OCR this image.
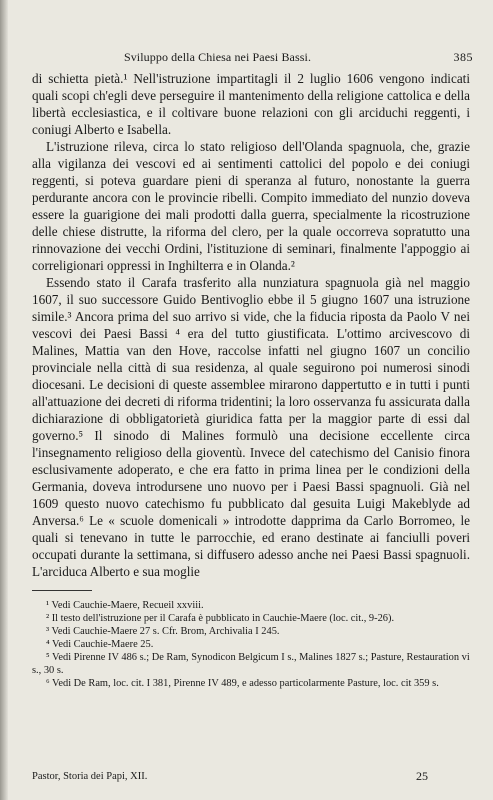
Sviluppo della Chiesa nei Paesi Bassi.	385

di schietta pietà.¹ Nell'istruzione impartitagli il 2 luglio 1606 vengono indicati quali scopi ch'egli deve perseguire il mantenimento della religione cattolica e della libertà ecclesiastica, e il coltivare buone relazioni con gli arciduchi reggenti, i coniugi Alberto e Isabella.

L'istruzione rileva, circa lo stato religioso dell'Olanda spagnuola, che, grazie alla vigilanza dei vescovi ed ai sentimenti cattolici del popolo e dei coniugi reggenti, si poteva guardare pieni di speranza al futuro, nonostante la guerra perdurante ancora con le provincie ribelli. Compito immediato del nunzio doveva essere la guarigione dei mali prodotti dalla guerra, specialmente la ricostruzione delle chiese distrutte, la riforma del clero, per la quale occorreva sopratutto una rinnovazione dei vecchi Ordini, l'istituzione di seminari, finalmente l'appoggio ai correligionari oppressi in Inghilterra e in Olanda.²

Essendo stato il Carafa trasferito alla nunziatura spagnuola già nel maggio 1607, il suo successore Guido Bentivoglio ebbe il 5 giugno 1607 una istruzione simile.³ Ancora prima del suo arrivo si vide, che la fiducia riposta da Paolo V nei vescovi dei Paesi Bassi ⁴ era del tutto giustificata. L'ottimo arcivescovo di Malines, Mattia van den Hove, raccolse infatti nel giugno 1607 un concilio provinciale nella città di sua residenza, al quale seguirono poi numerosi sinodi diocesani. Le decisioni di queste assemblee mirarono dappertutto e in tutti i punti all'attuazione dei decreti di riforma tridentini; la loro osservanza fu assicurata dalla dichiarazione di obbligatorietà giuridica fatta per la maggior parte di essi dal governo.⁵ Il sinodo di Malines formulò una decisione eccellente circa l'insegnamento religioso della gioventù. Invece del catechismo del Canisio finora esclusivamente adoperato, e che era fatto in prima linea per le condizioni della Germania, doveva introdursene uno nuovo per i Paesi Bassi spagnuoli. Già nel 1609 questo nuovo catechismo fu pubblicato dal gesuita Luigi Makeblyde ad Anversa.⁶ Le « scuole domenicali » introdotte dapprima da Carlo Borromeo, le quali si tenevano in tutte le parrocchie, ed erano destinate ai fanciulli poveri occupati durante la settimana, si diffusero adesso anche nei Paesi Bassi spagnuoli. L'arciduca Alberto e sua moglie

¹ Vedi Cauchie-Maere, Recueil xxviii.
² Il testo dell'istruzione per il Carafa è pubblicato in Cauchie-Maere (loc. cit., 9-26).
³ Vedi Cauchie-Maere 27 s. Cfr. Brom, Archivalia I 245.
⁴ Vedi Cauchie-Maere 25.
⁵ Vedi Pirenne IV 486 s.; De Ram, Synodicon Belgicum I s., Malines 1827 s.; Pasture, Restauration vi s., 30 s.
⁶ Vedi De Ram, loc. cit. I 381, Pirenne IV 489, e adesso particolarmente Pasture, loc. cit 359 s.
Pastor, Storia dei Papi, XII.	25
